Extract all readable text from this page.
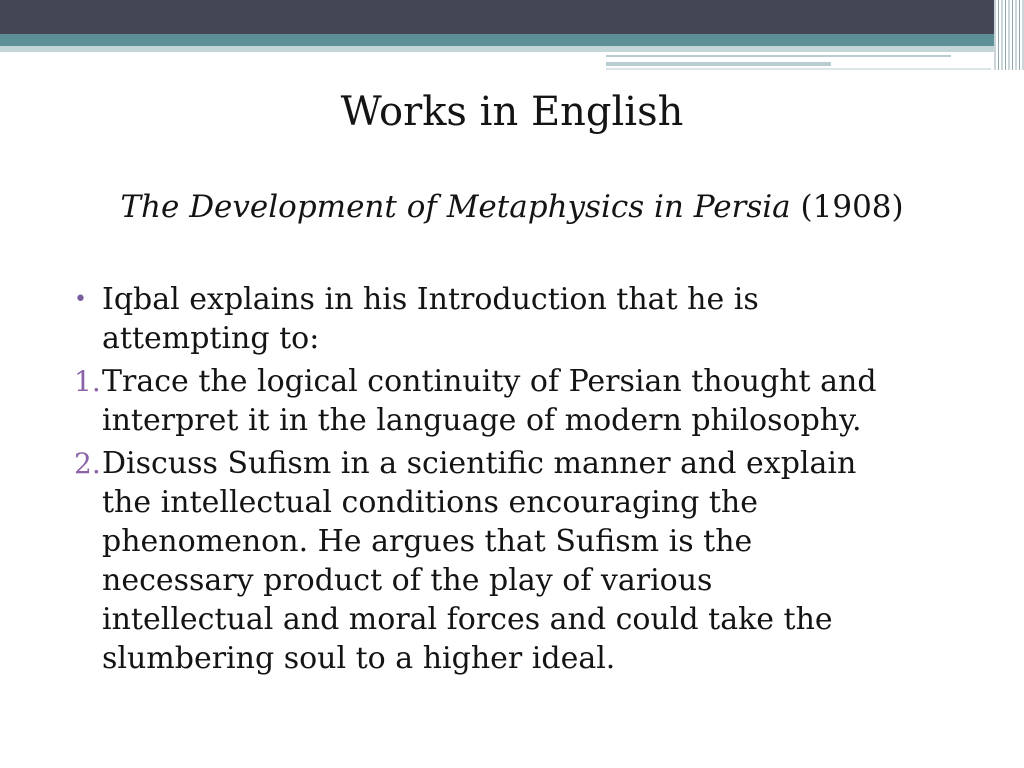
Works in English
The Development of Metaphysics in Persia (1908)
• Iqbal explains in his Introduction that he is
attempting to:
1. Trace the logical continuity of Persian thought and
interpret it in the language of modern philosophy.
2. Discuss Sufism in a scientific manner and explain
the intellectual conditions encouraging the
phenomenon. He argues that Sufism is the
necessary product of the play of various
intellectual and moral forces and could take the
slumbering soul to a higher ideal.
